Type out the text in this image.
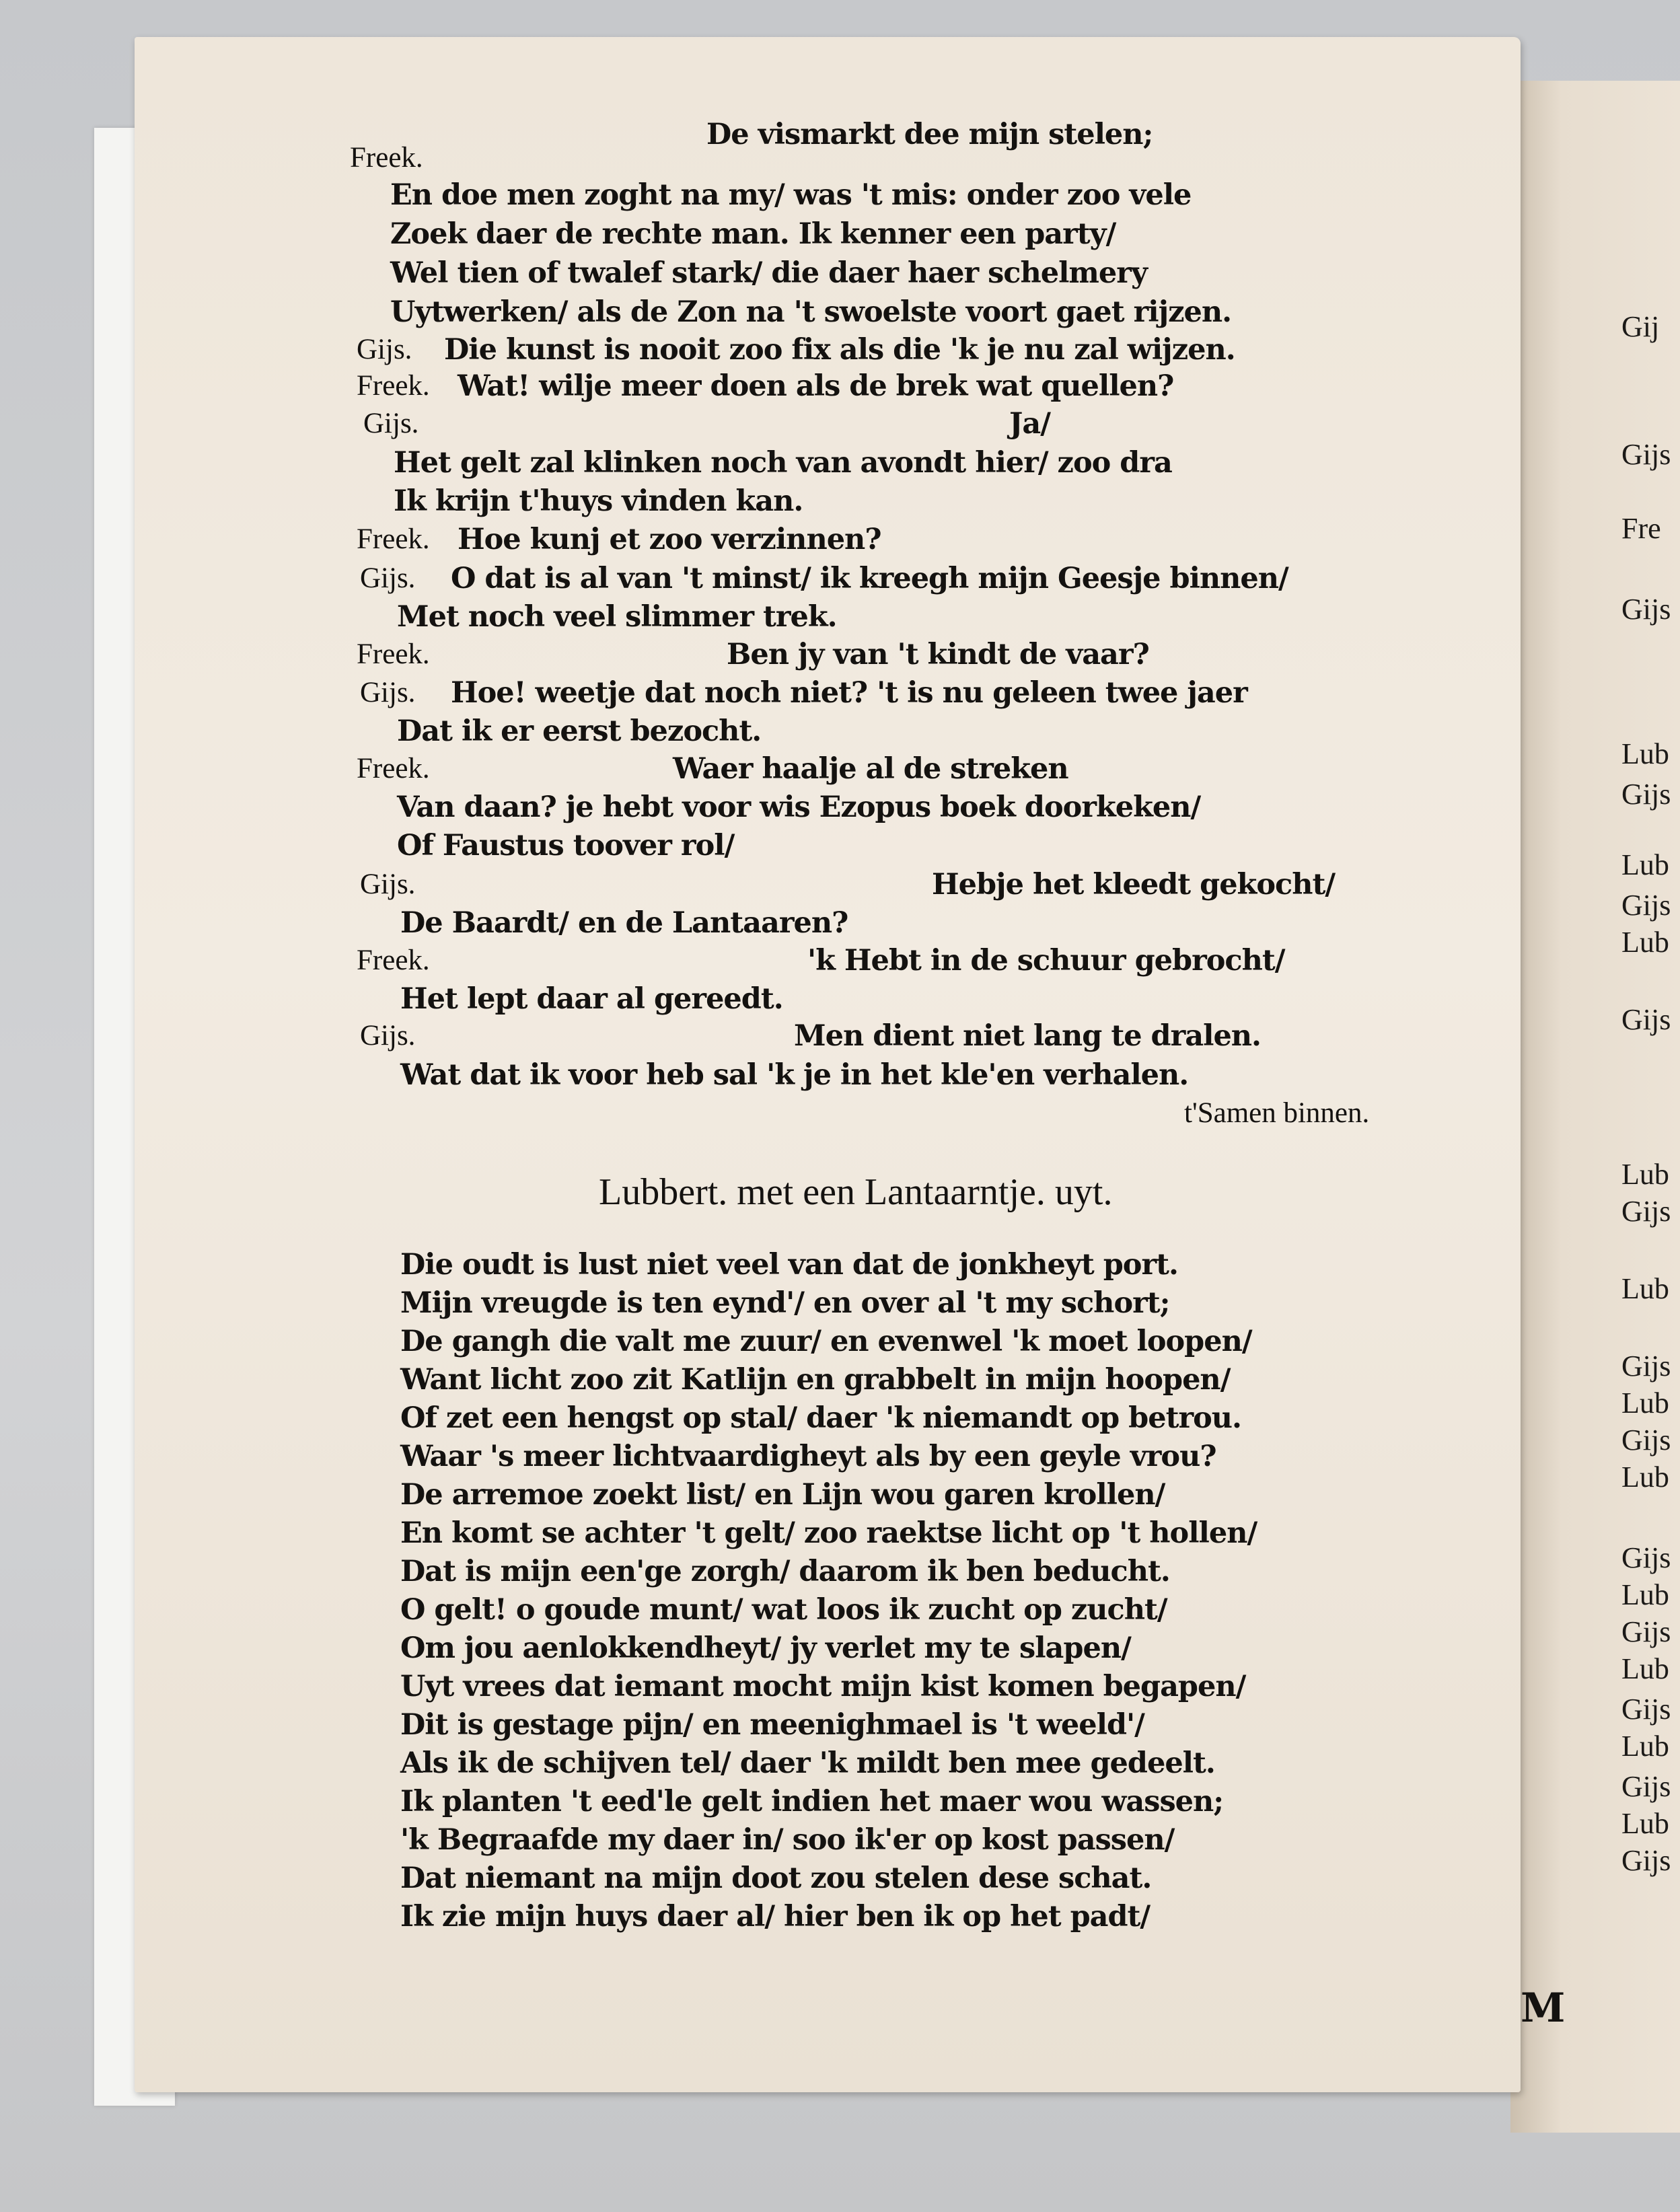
Gij
Gijs
Fre
Gijs
Lub
Gijs
Lub
Gijs
Lub
Gijs
Lub
Gijs
Lub
Gijs
Lub
Gijs
Lub
Gijs
Lub
Gijs
Lub
Gijs
Lub
Gijs
Lub
Gijs
De vismarkt dee mijn stelen;
Freek.
En doe men zoght na my/ was 't mis: onder zoo vele
Zoek daer de rechte man. Ik kenner een party/
Wel tien of twalef stark/ die daer haer schelmery
Uytwerken/ als de Zon na 't swoelste voort gaet rijzen.
Gijs. Die kunst is nooit zoo fix als die 'k je nu zal wijzen.
Freek. Wat! wilje meer doen als de brek wat quellen?
Gijs.	Ja/
Het gelt zal klinken noch van avondt hier/ zoo dra
Ik krijn t'huys vinden kan.
Freek. Hoe kunj et zoo verzinnen?
Gijs. O dat is al van 't minst/ ik kreegh mijn Geesje binnen/
Met noch veel slimmer trek.
Freek.	Ben jy van 't kindt de vaar?
Gijs. Hoe! weetje dat noch niet? 't is nu geleen twee jaer
Dat ik er eerst bezocht.
Freek.	Waer haalje al de streken
Van daan? je hebt voor wis Ezopus boek doorkeken/
Of Faustus toover rol/
Gijs.	Hebje het kleedt gekocht/
De Baardt/ en de Lantaaren?
Freek.	'k Hebt in de schuur gebrocht/
Het lept daar al gereedt.
Gijs.	Men dient niet lang te dralen.
Wat dat ik voor heb sal 'k je in het kle'en verhalen.
t'Samen binnen.
Lubbert. met een Lantaarntje. uyt.
Die oudt is lust niet veel van dat de jonkheyt port.
Mijn vreugde is ten eynd'/ en over al 't my schort;
De gangh die valt me zuur/ en evenwel 'k moet loopen/
Want licht zoo zit Katlijn en grabbelt in mijn hoopen/
Of zet een hengst op stal/ daer 'k niemandt op betrou.
Waar 's meer lichtvaardigheyt als by een geyle vrou?
De arremoe zoekt list/ en Lijn wou garen krollen/
En komt se achter 't gelt/ zoo raektse licht op 't hollen/
Dat is mijn een'ge zorgh/ daarom ik ben beducht.
O gelt! o goude munt/ wat loos ik zucht op zucht/
Om jou aenlokkendheyt/ jy verlet my te slapen/
Uyt vrees dat iemant mocht mijn kist komen begapen/
Dit is gestage pijn/ en meenighmael is 't weeld'/
Als ik de schijven tel/ daer 'k mildt ben mee gedeelt.
Ik planten 't eed'le gelt indien het maer wou wassen;
'k Begraafde my daer in/ soo ik'er op kost passen/
Dat niemant na mijn doot zou stelen dese schat.
Ik zie mijn huys daer al/ hier ben ik op het padt/
M
